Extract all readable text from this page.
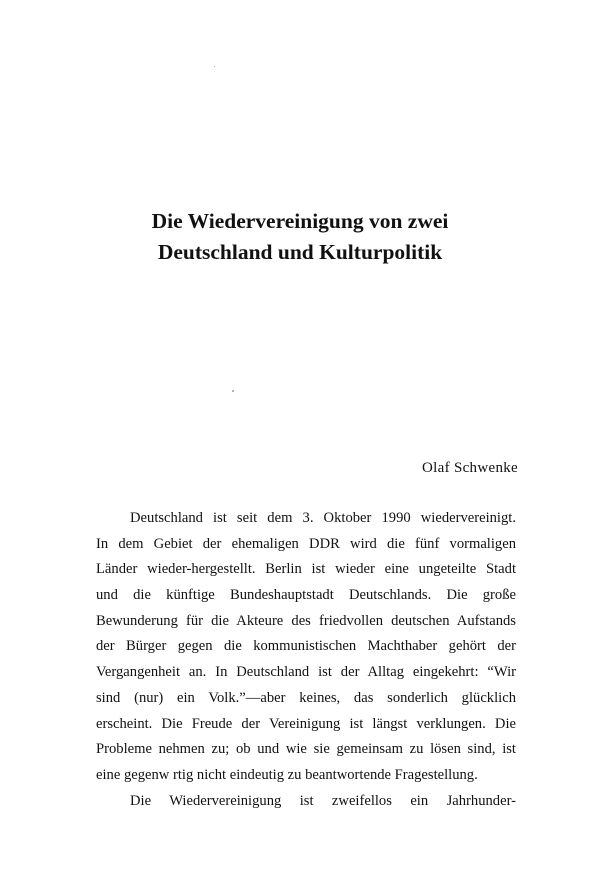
Die Wiedervereinigung von zwei
Deutschland und Kulturpolitik
Olaf Schwenke
Deutschland ist seit dem 3. Oktober 1990 wiedervereinigt.
In dem Gebiet der ehemaligen DDR wird die fünf vormaligen
Länder wieder-hergestellt. Berlin ist wieder eine ungeteilte Stadt
und die künftige Bundeshauptstadt Deutschlands. Die große
Bewunderung für die Akteure des friedvollen deutschen Aufstands
der Bürger gegen die kommunistischen Machthaber gehört der
Vergangenheit an. In Deutschland ist der Alltag eingekehrt: “Wir
sind (nur) ein Volk.”—aber keines, das sonderlich glücklich
erscheint. Die Freude der Vereinigung ist längst verklungen. Die
Probleme nehmen zu; ob und wie sie gemeinsam zu lösen sind, ist
eine gegenw rtig nicht eindeutig zu beantwortende Fragestellung.
Die Wiedervereinigung ist zweifellos ein Jahrhunder-
